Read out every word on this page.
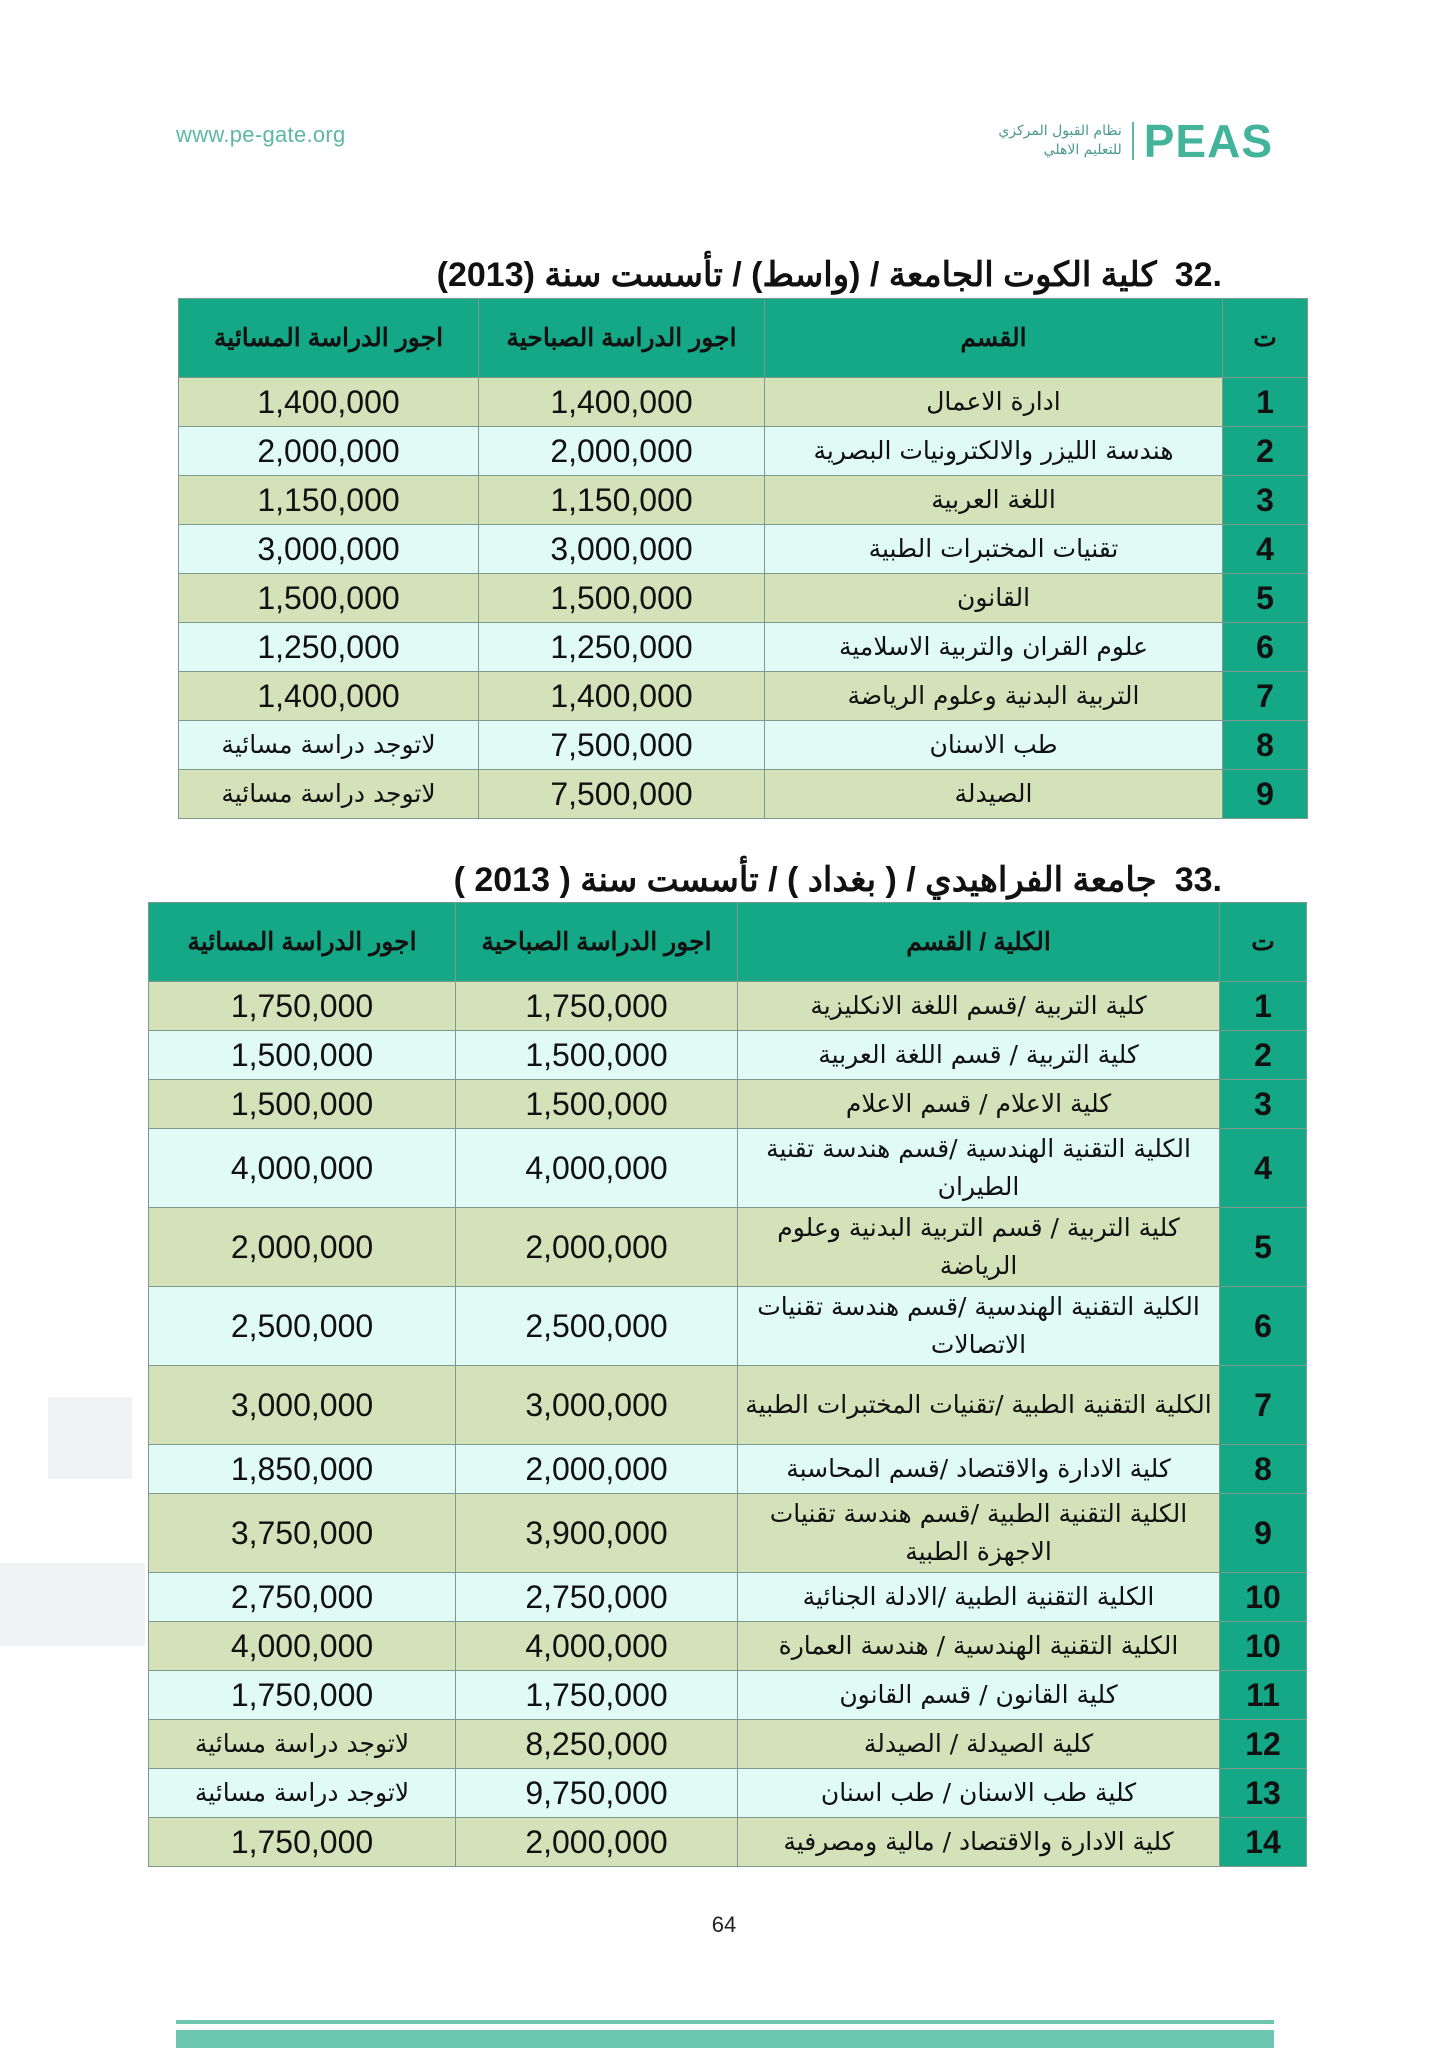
www.pe-gate.org	نظام القبول المركزي
للتعليم الاهلي PEAS
.32كلية الكوت الجامعة / (واسط) / تأسست سنة (2013)
ت	القسم	اجور الدراسة الصباحية	اجور الدراسة المسائية
1	ادارة الاعمال	1,400,000	1,400,000
2	هندسة الليزر والالكترونيات البصرية	2,000,000	2,000,000
3	اللغة العربية	1,150,000	1,150,000
4	تقنيات المختبرات الطبية	3,000,000	3,000,000
5	القانون	1,500,000	1,500,000
6	علوم القران والتربية الاسلامية	1,250,000	1,250,000
7	التربية البدنية وعلوم الرياضة	1,400,000	1,400,000
8	طب الاسنان	7,500,000	لاتوجد دراسة مسائية
9	الصيدلة	7,500,000	لاتوجد دراسة مسائية
.33جامعة الفراهيدي / ( بغداد ) / تأسست سنة ( 2013 )
ت	الكلية / القسم	اجور الدراسة الصباحية	اجور الدراسة المسائية
1	كلية التربية /قسم اللغة الانكليزية	1,750,000	1,750,000
2	كلية التربية / قسم اللغة العربية	1,500,000	1,500,000
3	كلية الاعلام / قسم الاعلام	1,500,000	1,500,000
4	الكلية التقنية الهندسية /قسم هندسة تقنية الطيران	4,000,000	4,000,000
5	كلية التربية / قسم التربية البدنية وعلوم الرياضة	2,000,000	2,000,000
6	الكلية التقنية الهندسية /قسم هندسة تقنيات الاتصالات	2,500,000	2,500,000
7	الكلية التقنية الطبية /تقنيات المختبرات الطبية	3,000,000	3,000,000
8	كلية الادارة والاقتصاد /قسم المحاسبة	2,000,000	1,850,000
9	الكلية التقنية الطبية /قسم هندسة تقنيات الاجهزة الطبية	3,900,000	3,750,000
10	الكلية التقنية الطبية /الادلة الجنائية	2,750,000	2,750,000
10	الكلية التقنية الهندسية / هندسة العمارة	4,000,000	4,000,000
11	كلية القانون / قسم القانون	1,750,000	1,750,000
12	كلية الصيدلة / الصيدلة	8,250,000	لاتوجد دراسة مسائية
13	كلية طب الاسنان / طب اسنان	9,750,000	لاتوجد دراسة مسائية
14	كلية الادارة والاقتصاد / مالية ومصرفية	2,000,000	1,750,000
64
